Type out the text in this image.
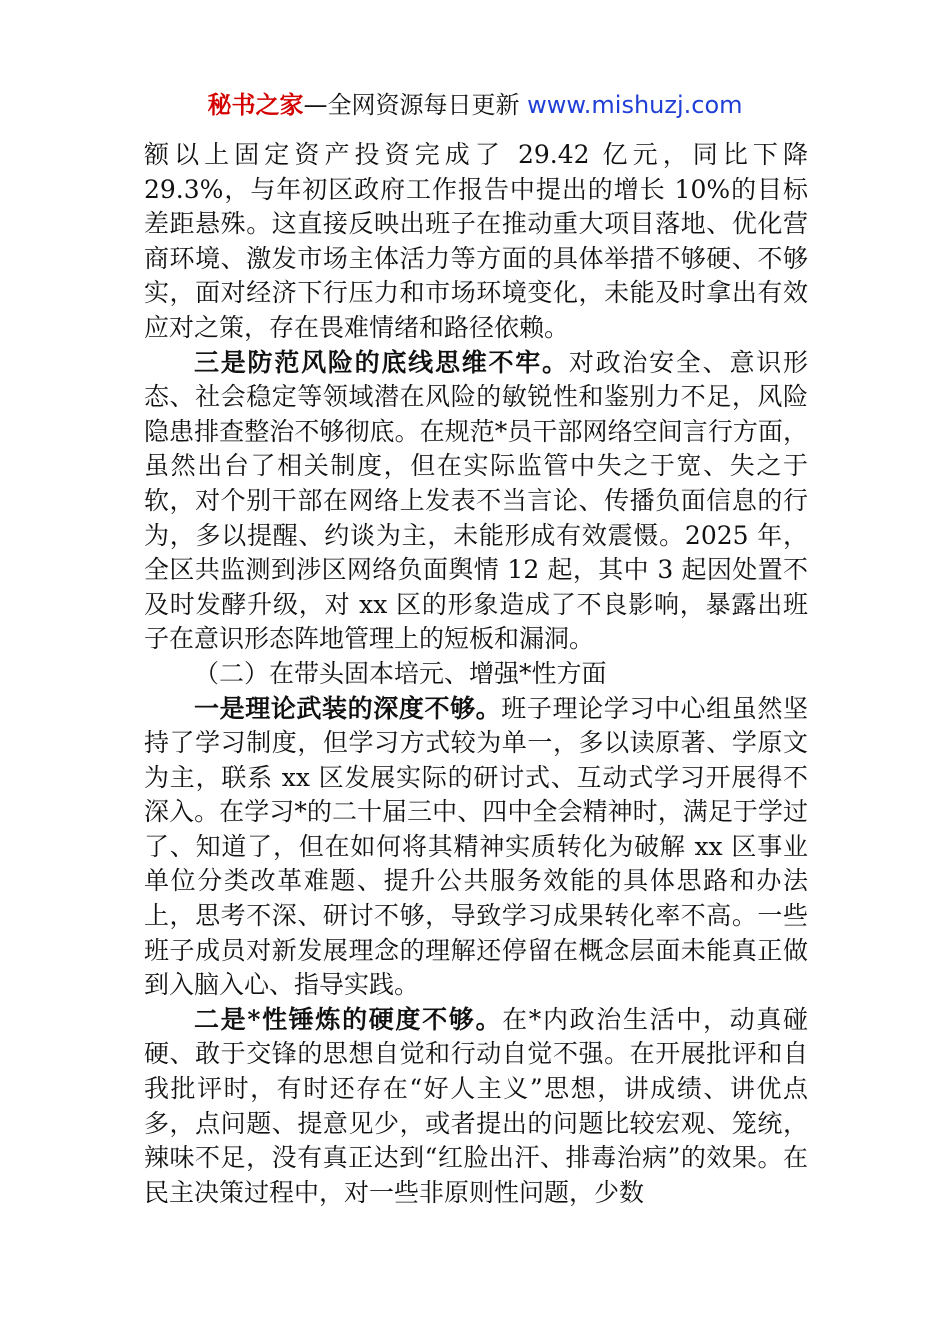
秘书之家—全网资源每日更新 www.mishuzj.com

额以上固定资产投资完成了 29.42 亿元，同比下降 29.3%，与年初区政府工作报告中提出的增长 10%的目标差距悬殊。这直接反映出班子在推动重大项目落地、优化营商环境、激发市场主体活力等方面的具体举措不够硬、不够实，面对经济下行压力和市场环境变化，未能及时拿出有效应对之策，存在畏难情绪和路径依赖。

三是防范风险的底线思维不牢。对政治安全、意识形态、社会稳定等领域潜在风险的敏锐性和鉴别力不足，风险隐患排查整治不够彻底。在规范*员干部网络空间言行方面，虽然出台了相关制度，但在实际监管中失之于宽、失之于软，对个别干部在网络上发表不当言论、传播负面信息的行为，多以提醒、约谈为主，未能形成有效震慑。2025 年，全区共监测到涉区网络负面舆情 12 起，其中 3 起因处置不及时发酵升级，对 xx 区的形象造成了不良影响，暴露出班子在意识形态阵地管理上的短板和漏洞。

（二）在带头固本培元、增强*性方面

一是理论武装的深度不够。班子理论学习中心组虽然坚持了学习制度，但学习方式较为单一，多以读原著、学原文为主，联系 xx 区发展实际的研讨式、互动式学习开展得不深入。在学习*的二十届三中、四中全会精神时，满足于学过了、知道了，但在如何将其精神实质转化为破解 xx 区事业单位分类改革难题、提升公共服务效能的具体思路和办法上，思考不深、研讨不够，导致学习成果转化率不高。一些班子成员对新发展理念的理解还停留在概念层面未能真正做到入脑入心、指导实践。

二是*性锤炼的硬度不够。在*内政治生活中，动真碰硬、敢于交锋的思想自觉和行动自觉不强。在开展批评和自我批评时，有时还存在“好人主义”思想，讲成绩、讲优点多，点问题、提意见少，或者提出的问题比较宏观、笼统，辣味不足，没有真正达到“红脸出汗、排毒治病”的效果。在民主决策过程中，对一些非原则性问题，少数
